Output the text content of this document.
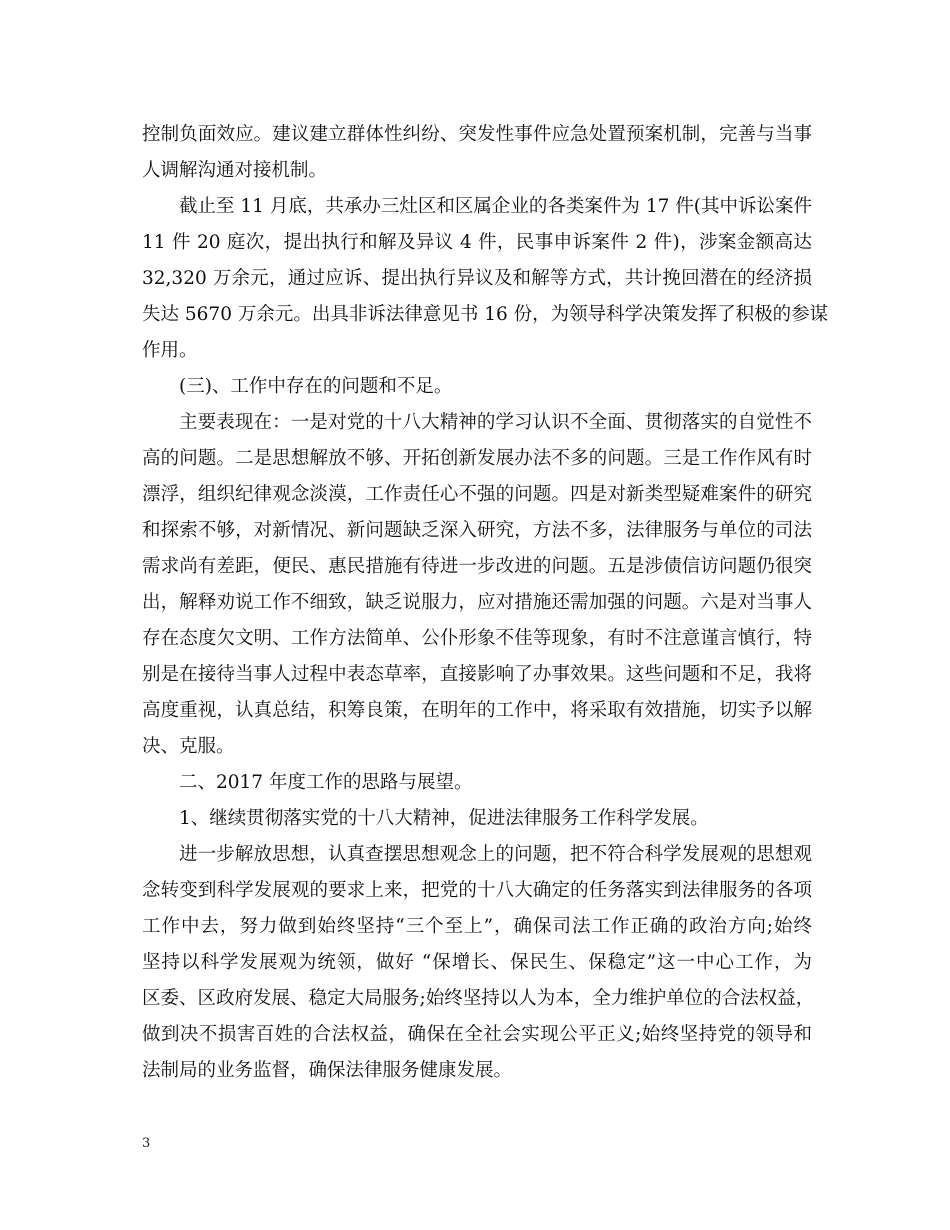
控制负面效应。建议建立群体性纠纷、突发性事件应急处置预案机制，完善与当事
人调解沟通对接机制。
截止至 11 月底，共承办三灶区和区属企业的各类案件为 17 件(其中诉讼案件
11 件 20 庭次，提出执行和解及异议 4 件，民事申诉案件 2 件)，涉案金额高达
32,320 万余元，通过应诉、提出执行异议及和解等方式，共计挽回潜在的经济损
失达 5670 万余元。出具非诉法律意见书 16 份，为领导科学决策发挥了积极的参谋
作用。
(三)、工作中存在的问题和不足。
主要表现在：一是对党的十八大精神的学习认识不全面、贯彻落实的自觉性不
高的问题。二是思想解放不够、开拓创新发展办法不多的问题。三是工作作风有时
漂浮，组织纪律观念淡漠，工作责任心不强的问题。四是对新类型疑难案件的研究
和探索不够，对新情况、新问题缺乏深入研究，方法不多，法律服务与单位的司法
需求尚有差距，便民、惠民措施有待进一步改进的问题。五是涉债信访问题仍很突
出，解释劝说工作不细致，缺乏说服力，应对措施还需加强的问题。六是对当事人
存在态度欠文明、工作方法简单、公仆形象不佳等现象，有时不注意谨言慎行，特
别是在接待当事人过程中表态草率，直接影响了办事效果。这些问题和不足，我将
高度重视，认真总结，积筹良策，在明年的工作中，将采取有效措施，切实予以解
决、克服。
二、2017 年度工作的思路与展望。
1、继续贯彻落实党的十八大精神，促进法律服务工作科学发展。
进一步解放思想，认真查摆思想观念上的问题，把不符合科学发展观的思想观
念转变到科学发展观的要求上来，把党的十八大确定的任务落实到法律服务的各项
工作中去，努力做到始终坚持“三个至上”，确保司法工作正确的政治方向;始终
坚持以科学发展观为统领，做好 “保增长、保民生、保稳定”这一中心工作，为
区委、区政府发展、稳定大局服务;始终坚持以人为本，全力维护单位的合法权益，
做到决不损害百姓的合法权益，确保在全社会实现公平正义;始终坚持党的领导和
法制局的业务监督，确保法律服务健康发展。
3
